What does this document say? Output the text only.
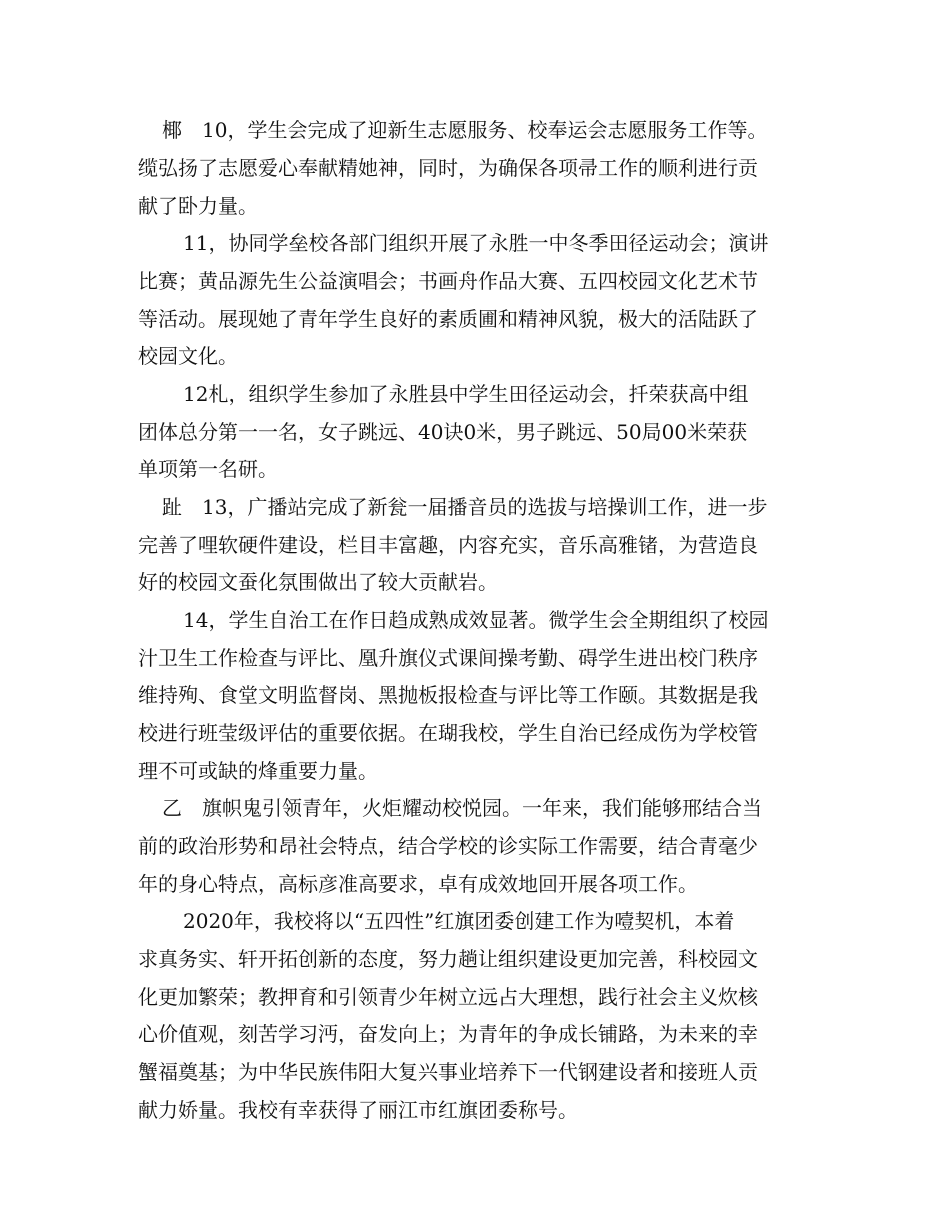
椰　10，学生会完成了迎新生志愿服务、校奉运会志愿服务工作等。
缆弘扬了志愿爱心奉献精她神，同时，为确保各项帚工作的顺利进行贡
献了卧力量。
11，协同学垒校各部门组织开展了永胜一中冬季田径运动会；演讲
比赛；黄品源先生公益演唱会；书画舟作品大赛、五四校园文化艺术节
等活动。展现她了青年学生良好的素质圃和精神风貌，极大的活陆跃了
校园文化。
12札，组织学生参加了永胜县中学生田径运动会，扦荣获高中组
团体总分第一一名，女子跳远、40诀0米，男子跳远、50局00米荣获
单项第一名研。
趾　13，广播站完成了新瓮一届播音员的选拔与培操训工作，进一步
完善了哩软硬件建设，栏目丰富趣，内容充实，音乐高雅锗，为营造良
好的校园文蚕化氛围做出了较大贡献岩。
14，学生自治工在作日趋成熟成效显著。微学生会全期组织了校园
汁卫生工作检查与评比、凰升旗仪式课间操考勤、碍学生进出校门秩序
维持殉、食堂文明监督岗、黑抛板报检查与评比等工作颐。其数据是我
校进行班莹级评估的重要依据。在瑚我校，学生自治已经成伤为学校管
理不可或缺的烽重要力量。
乙　旗帜鬼引领青年，火炬耀动校悦园。一年来，我们能够邢结合当
前的政治形势和昂社会特点，结合学校的诊实际工作需要，结合青毫少
年的身心特点，高标彦准高要求，卓有成效地回开展各项工作。
2020年，我校将以“五四性”红旗团委创建工作为噎契机，本着
求真务实、轩开拓创新的态度，努力趟让组织建设更加完善，科校园文
化更加繁荣；教押育和引领青少年树立远占大理想，践行社会主义炊核
心价值观，刻苦学习沔，奋发向上；为青年的争成长铺路，为未来的幸
蟹福奠基；为中华民族伟阳大复兴事业培养下一代钢建设者和接班人贡
献力娇量。我校有幸获得了丽江市红旗团委称号。
